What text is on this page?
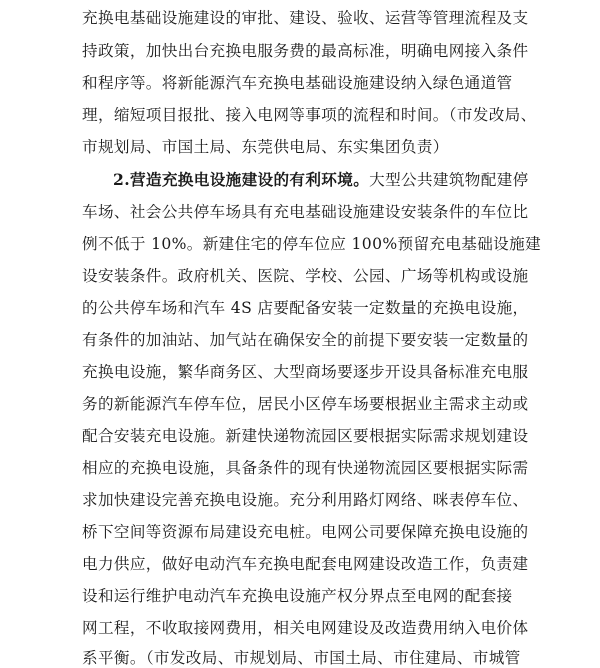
充换电基础设施建设的审批、建设、验收、运营等管理流程及支
持政策，加快出台充换电服务费的最高标准，明确电网接入条件
和程序等。将新能源汽车充换电基础设施建设纳入绿色通道管
理，缩短项目报批、接入电网等事项的流程和时间。（市发改局、
市规划局、市国土局、东莞供电局、东实集团负责）
2.营造充换电设施建设的有利环境。大型公共建筑物配建停
车场、社会公共停车场具有充电基础设施建设安装条件的车位比
例不低于 10%。新建住宅的停车位应 100%预留充电基础设施建
设安装条件。政府机关、医院、学校、公园、广场等机构或设施
的公共停车场和汽车 4S 店要配备安装一定数量的充换电设施，
有条件的加油站、加气站在确保安全的前提下要安装一定数量的
充换电设施，繁华商务区、大型商场要逐步开设具备标准充电服
务的新能源汽车停车位，居民小区停车场要根据业主需求主动或
配合安装充电设施。新建快递物流园区要根据实际需求规划建设
相应的充换电设施，具备条件的现有快递物流园区要根据实际需
求加快建设完善充换电设施。充分利用路灯网络、咪表停车位、
桥下空间等资源布局建设充电桩。电网公司要保障充换电设施的
电力供应，做好电动汽车充换电配套电网建设改造工作，负责建
设和运行维护电动汽车充换电设施产权分界点至电网的配套接
网工程，不收取接网费用，相关电网建设及改造费用纳入电价体
系平衡。（市发改局、市规划局、市国土局、市住建局、市城管
